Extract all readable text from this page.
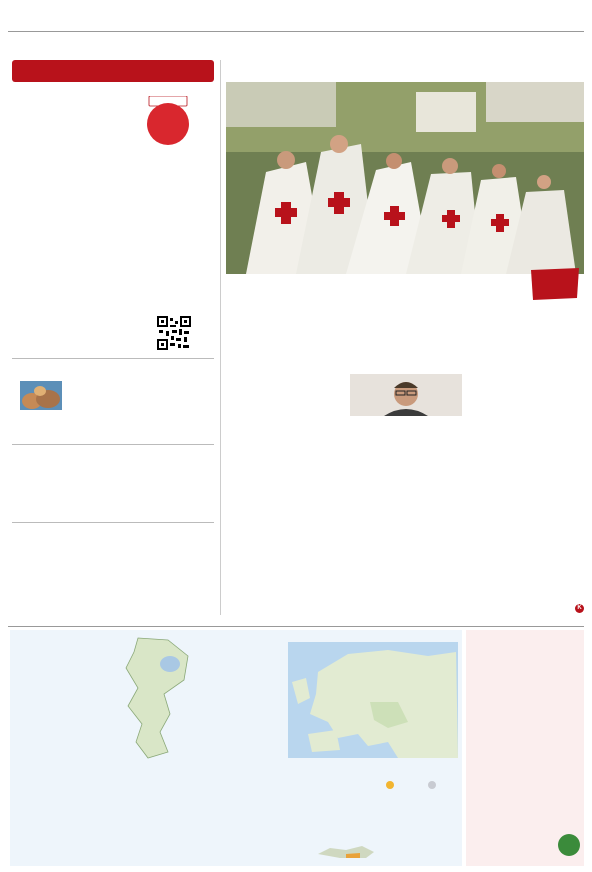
K
